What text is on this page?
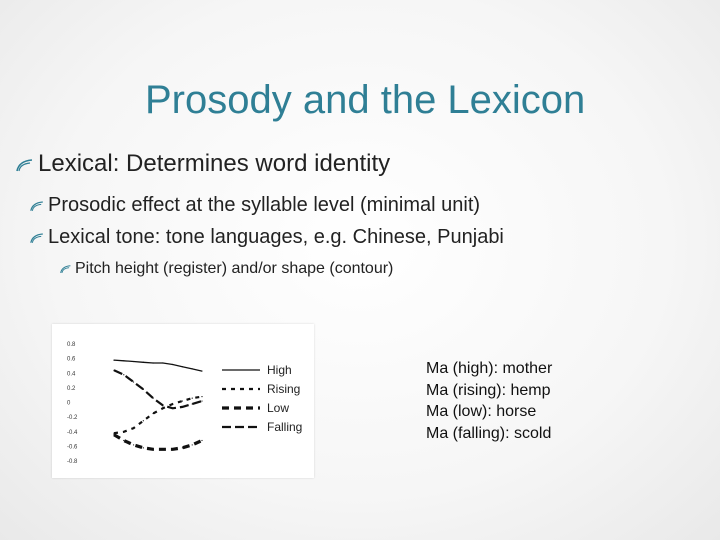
Prosody and the Lexicon
Lexical: Determines word identity
Prosodic effect at the syllable level (minimal unit)
Lexical tone: tone languages, e.g. Chinese, Punjabi
Pitch height (register) and/or shape (contour)
0.8
0.6
0.4
0.2
0
-0.2
-0.4
-0.6
-0.8
High
Rising
Low
Falling
Ma (high): mother
Ma (rising): hemp
Ma (low): horse
Ma (falling): scold
